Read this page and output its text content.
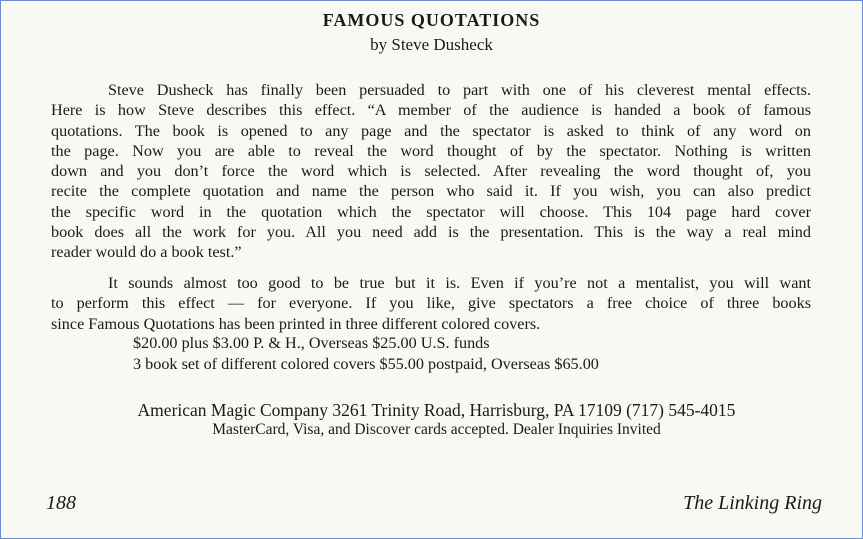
FAMOUS QUOTATIONS
by Steve Dusheck
Steve Dusheck has finally been persuaded to part with one of his cleverest mental effects.
Here is how Steve describes this effect. “A member of the audience is handed a book of famous
quotations. The book is opened to any page and the spectator is asked to think of any word on
the page. Now you are able to reveal the word thought of by the spectator. Nothing is written
down and you don’t force the word which is selected. After revealing the word thought of, you
recite the complete quotation and name the person who said it. If you wish, you can also predict
the specific word in the quotation which the spectator will choose. This 104 page hard cover
book does all the work for you. All you need add is the presentation. This is the way a real mind
reader would do a book test.”
It sounds almost too good to be true but it is. Even if you’re not a mentalist, you will want
to perform this effect — for everyone. If you like, give spectators a free choice of three books
since Famous Quotations has been printed in three different colored covers.
$20.00 plus $3.00 P. & H., Overseas $25.00 U.S. funds
3 book set of different colored covers $55.00 postpaid, Overseas $65.00
American Magic Company 3261 Trinity Road, Harrisburg, PA 17109 (717) 545-4015
MasterCard, Visa, and Discover cards accepted. Dealer Inquiries Invited
188	The Linking Ring
